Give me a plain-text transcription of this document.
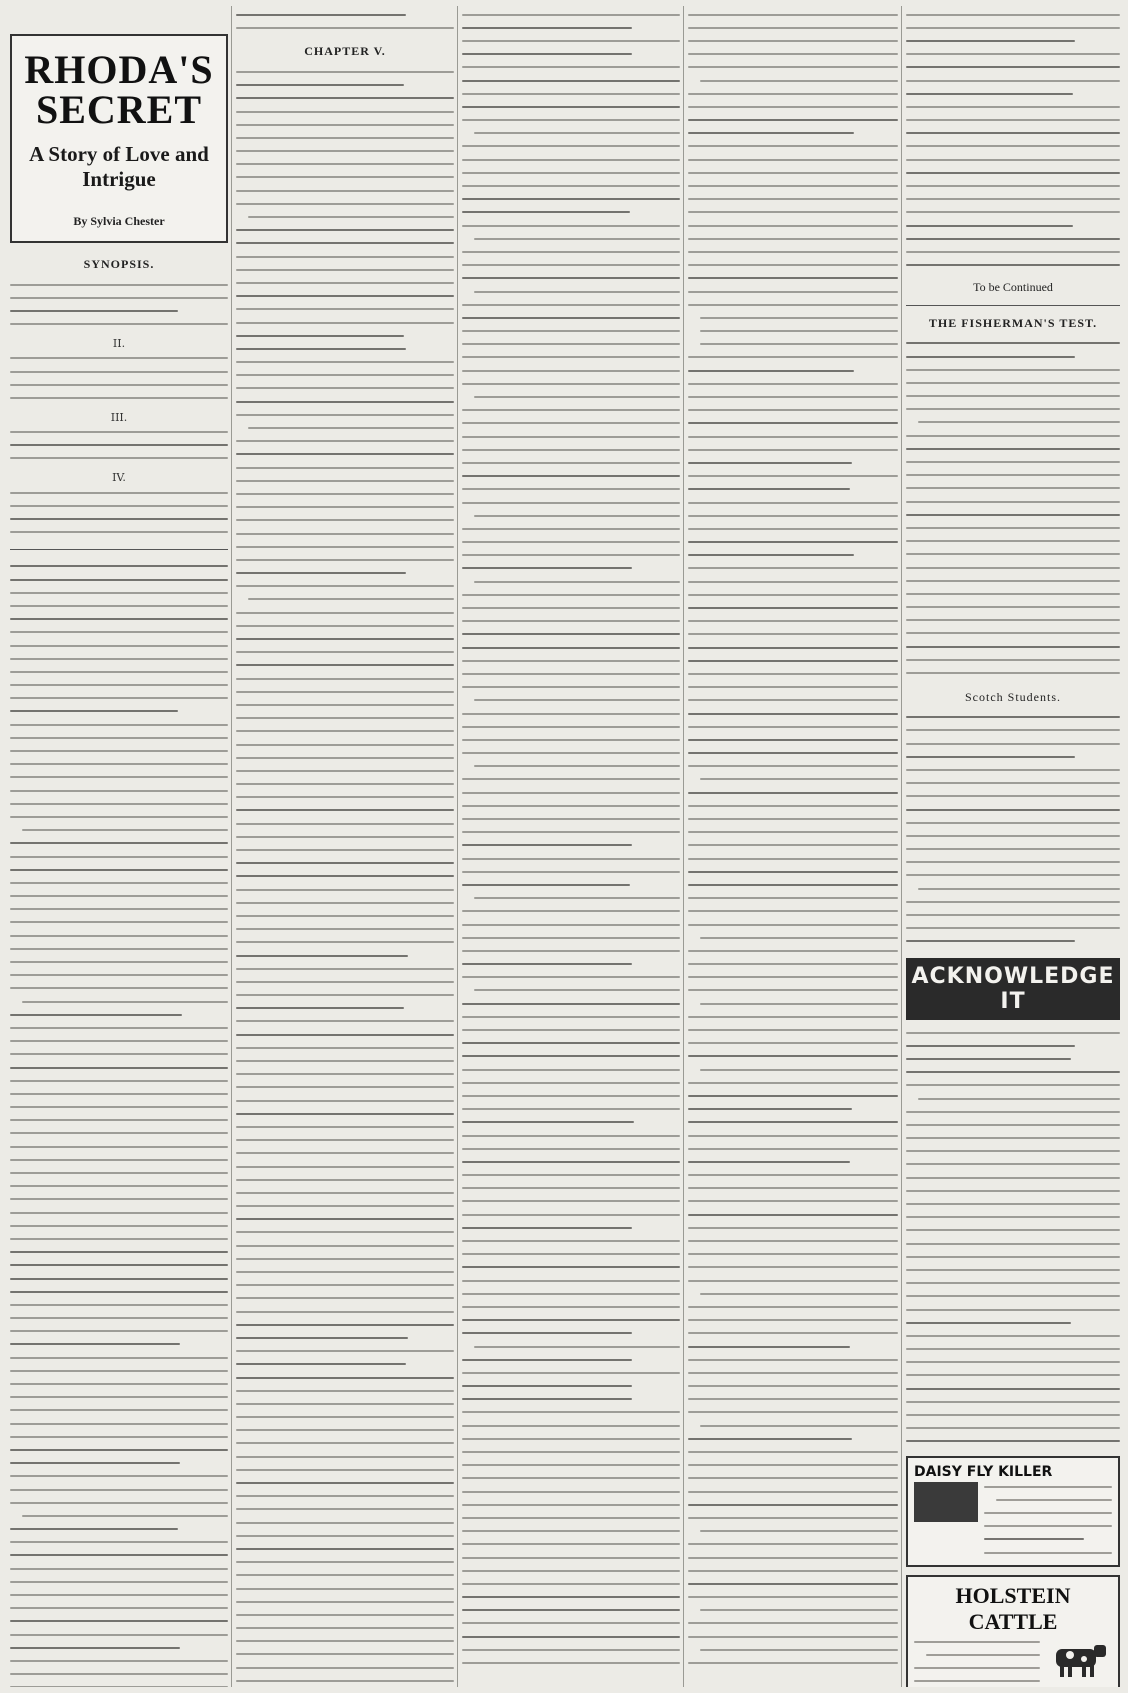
RHODA'S SECRET
A Story of Love and Intrigue
By Sylvia Chester
SYNOPSIS.
II.
III.
IV.
CHAPTER V.
To be Continued
THE FISHERMAN'S TEST.
Scotch Students.
ACKNOWLEDGE IT
DAISY FLY KILLER
HOLSTEIN CATTLE
